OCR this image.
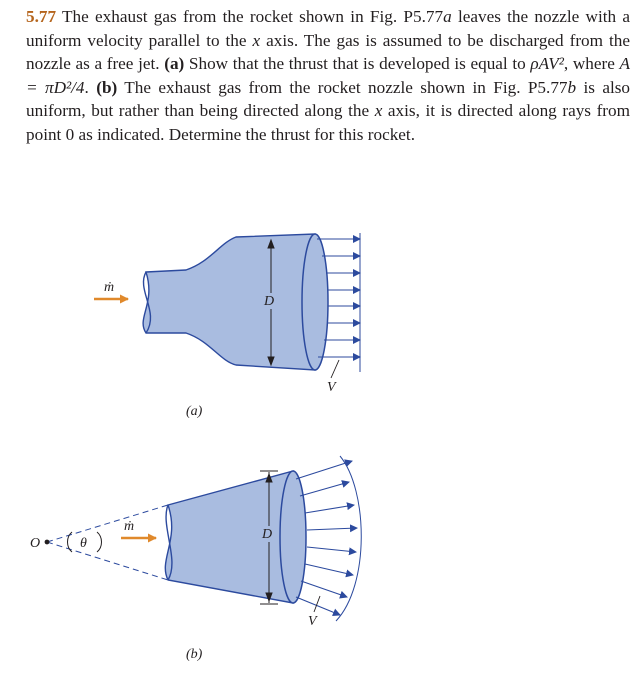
5.77 The exhaust gas from the rocket shown in Fig. P5.77a leaves the nozzle with a uniform velocity parallel to the x axis. The gas is assumed to be discharged from the nozzle as a free jet. (a) Show that the thrust that is developed is equal to ρAV², where A = πD²/4. (b) The exhaust gas from the rocket nozzle shown in Fig. P5.77b is also uniform, but rather than being directed along the x axis, it is directed along rays from point 0 as indicated. Determine the thrust for this rocket.
D
ṁ
V
(a)
D
O	θ
ṁ
V
(b)
